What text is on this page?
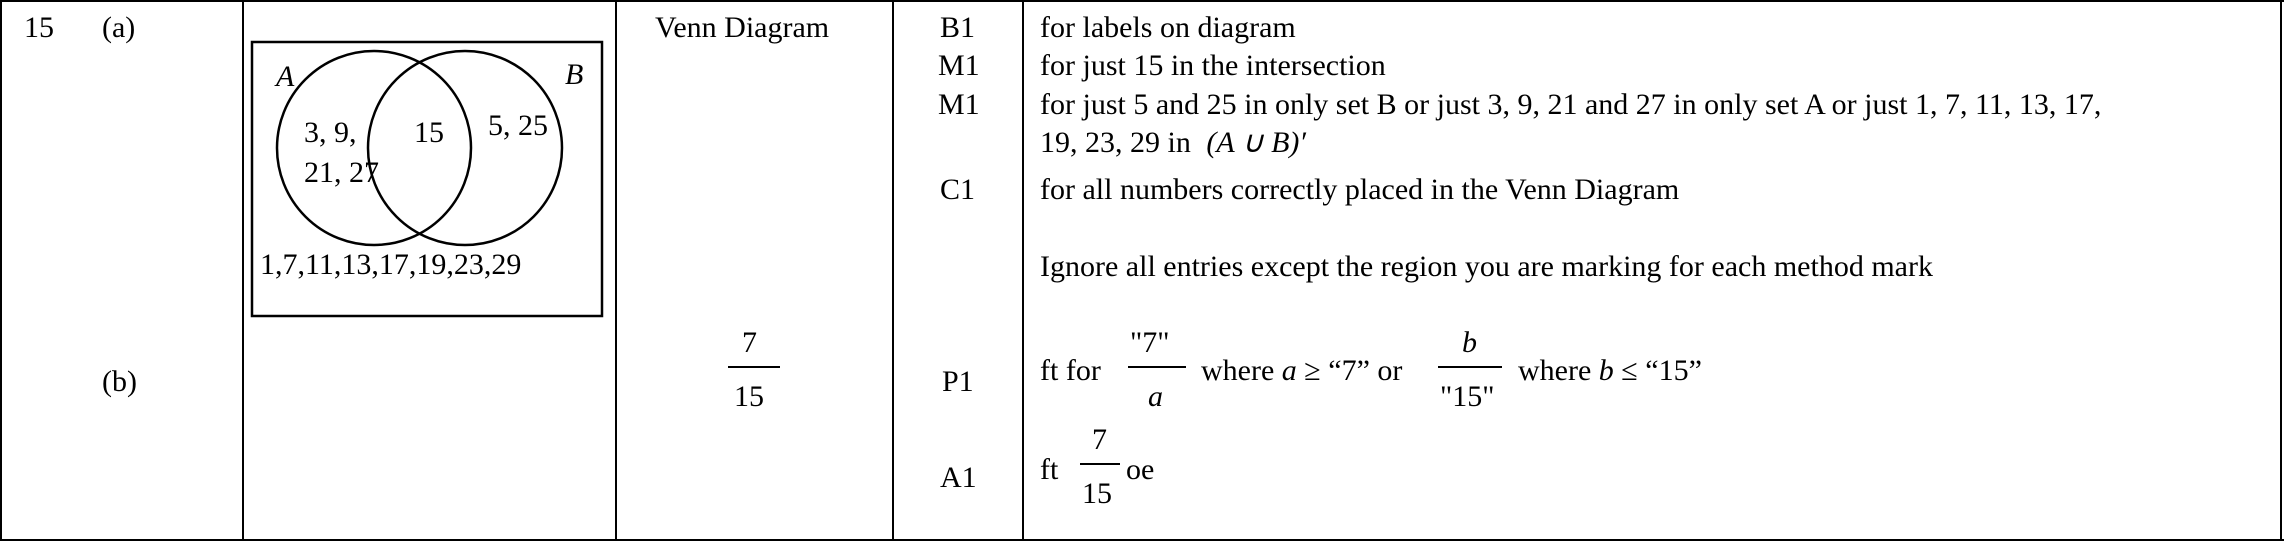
15 (a)
(b)
A	B
3, 9,
21, 27
15 5, 25
1,7,11,13,17,19,23,29
Venn Diagram
7
15
B1
M1
M1
C1
P1
A1
for labels on diagram
for just 15 in the intersection
for just 5 and 25 in only set B or just 3, 9, 21 and 27 in only set A or just 1, 7, 11, 13, 17,
19, 23, 29 in (A ∪ B)′
for all numbers correctly placed in the Venn Diagram
Ignore all entries except the region you are marking for each method mark
ft for
"7"
a
where a ≥ “7” or
b
"15"
where b ≤ “15”
ft
7
15
oe
